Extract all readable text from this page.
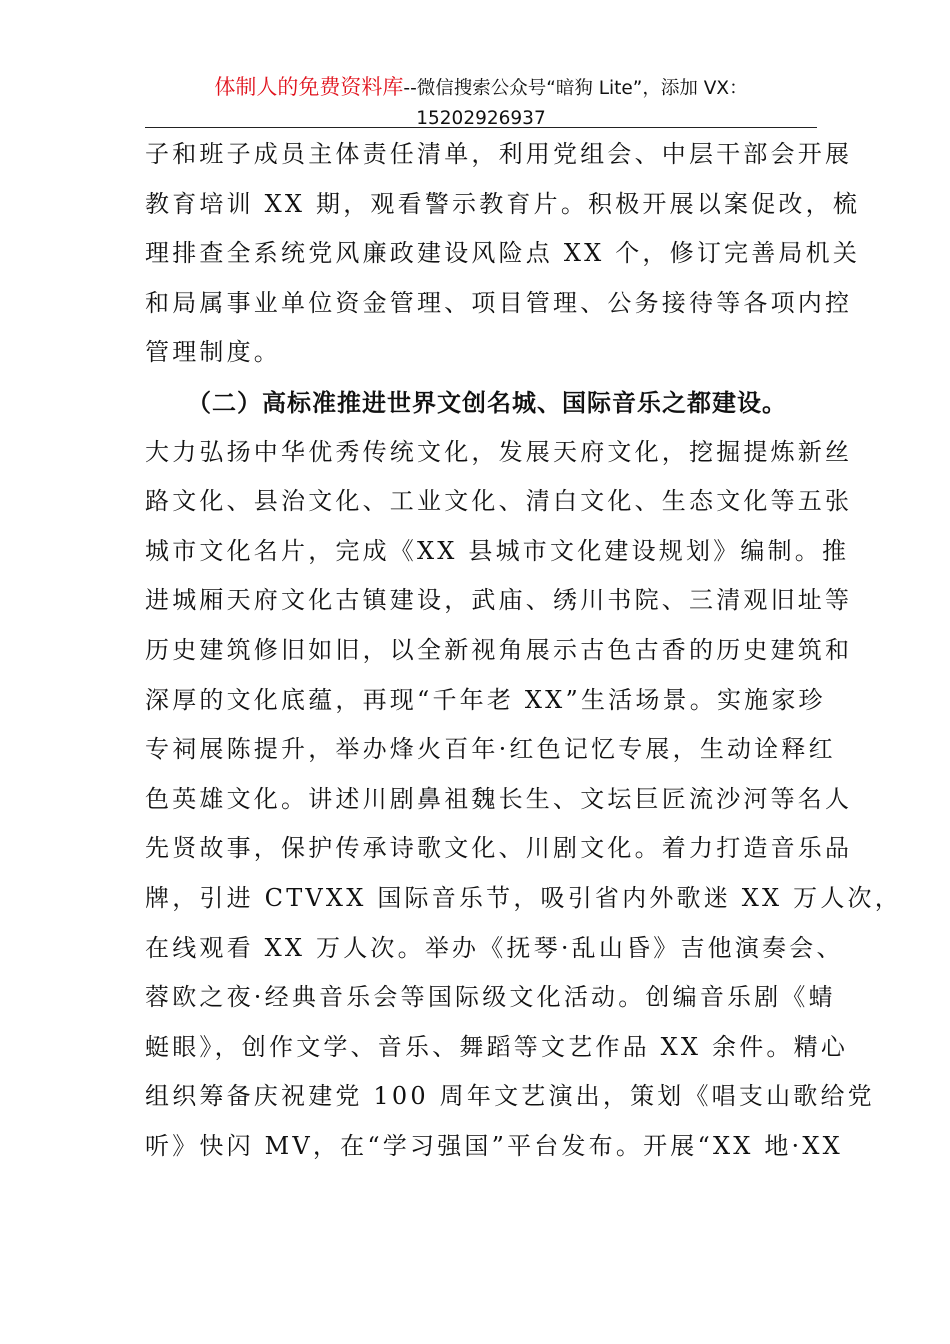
体制人的免费资料库--微信搜索公众号“暗狗 Lite”，添加 VX：
15202926937
子和班子成员主体责任清单，利用党组会、中层干部会开展
教育培训 XX 期，观看警示教育片。积极开展以案促改，梳
理排查全系统党风廉政建设风险点 XX 个，修订完善局机关
和局属事业单位资金管理、项目管理、公务接待等各项内控
管理制度。
（二）高标准推进世界文创名城、国际音乐之都建设。
大力弘扬中华优秀传统文化，发展天府文化，挖掘提炼新丝
路文化、县治文化、工业文化、清白文化、生态文化等五张
城市文化名片，完成《XX 县城市文化建设规划》编制。推
进城厢天府文化古镇建设，武庙、绣川书院、三清观旧址等
历史建筑修旧如旧，以全新视角展示古色古香的历史建筑和
深厚的文化底蕴，再现“千年老 XX”生活场景。实施家珍
专祠展陈提升，举办烽火百年·红色记忆专展，生动诠释红
色英雄文化。讲述川剧鼻祖魏长生、文坛巨匠流沙河等名人
先贤故事，保护传承诗歌文化、川剧文化。着力打造音乐品
牌，引进 CTVXX 国际音乐节，吸引省内外歌迷 XX 万人次，
在线观看 XX 万人次。举办《抚琴·乱山昏》吉他演奏会、
蓉欧之夜·经典音乐会等国际级文化活动。创编音乐剧《蜻
蜓眼》，创作文学、音乐、舞蹈等文艺作品 XX 余件。精心
组织筹备庆祝建党 100 周年文艺演出，策划《唱支山歌给党
听》快闪 MV，在“学习强国”平台发布。开展“XX 地·XX
